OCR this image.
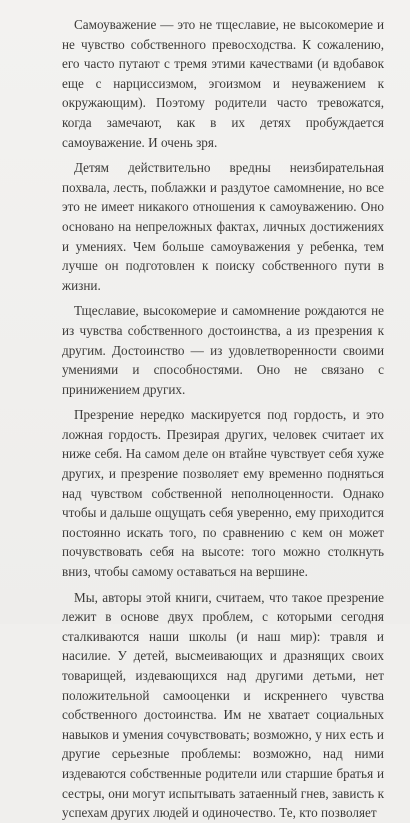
Самоуважение — это не тщеславие, не высокомерие и не чувство собственного превосходства. К сожалению, его часто путают с тремя этими качествами (и вдобавок еще с нарциссизмом, эгоизмом и неуважением к окружающим). Поэтому родители часто тревожатся, когда замечают, как в их детях пробуждается самоуважение. И очень зря.

Детям действительно вредны неизбирательная похвала, лесть, поблажки и раздутое самомнение, но все это не имеет никакого отношения к самоуважению. Оно основано на непреложных фактах, личных достижениях и умениях. Чем больше самоуважения у ребенка, тем лучше он подготовлен к поиску собственного пути в жизни.

Тщеславие, высокомерие и самомнение рождаются не из чувства собственного достоинства, а из презрения к другим. Достоинство — из удовлетворенности своими умениями и способностями. Оно не связано с принижением других.

Презрение нередко маскируется под гордость, и это ложная гордость. Презирая других, человек считает их ниже себя. На самом деле он втайне чувствует себя хуже других, и презрение позволяет ему временно подняться над чувством собственной неполноценности. Однако чтобы и дальше ощущать себя уверенно, ему приходится постоянно искать того, по сравнению с кем он может почувствовать себя на высоте: того можно столкнуть вниз, чтобы самому оставаться на вершине.

Мы, авторы этой книги, считаем, что такое презрение лежит в основе двух проблем, с которыми сегодня сталкиваются наши школы (и наш мир): травля и насилие. У детей, высмеивающих и дразнящих своих товарищей, издевающихся над другими детьми, нет положительной самооценки и искреннего чувства собственного достоинства. Им не хватает социальных навыков и умения сочувствовать; возможно, у них есть и другие серьезные проблемы: возможно, над ними издеваются собственные родители или старшие братья и сестры, они могут испытывать затаенный гнев, зависть к успехам других людей и одиночество. Те, кто позволяет
